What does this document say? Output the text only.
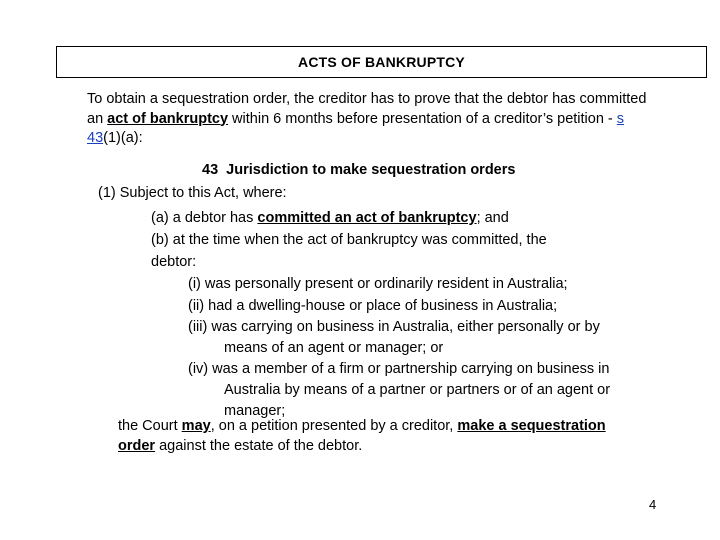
ACTS OF BANKRUPTCY
To obtain a sequestration order, the creditor has to prove that the debtor has committed an act of bankruptcy within 6 months before presentation of a creditor’s petition - s 43(1)(a):
43  Jurisdiction to make sequestration orders
(1) Subject to this Act, where:
(a) a debtor has committed an act of bankruptcy; and
(b) at the time when the act of bankruptcy was committed, the
debtor:
(i) was personally present or ordinarily resident in Australia;
(ii) had a dwelling-house or place of business in Australia;
(iii) was carrying on business in Australia, either personally or by
means of an agent or manager; or
(iv) was a member of a firm or partnership carrying on business in
Australia by means of a partner or partners or of an agent or
manager;
the Court may, on a petition presented by a creditor, make a sequestration
order against the estate of the debtor.
4
